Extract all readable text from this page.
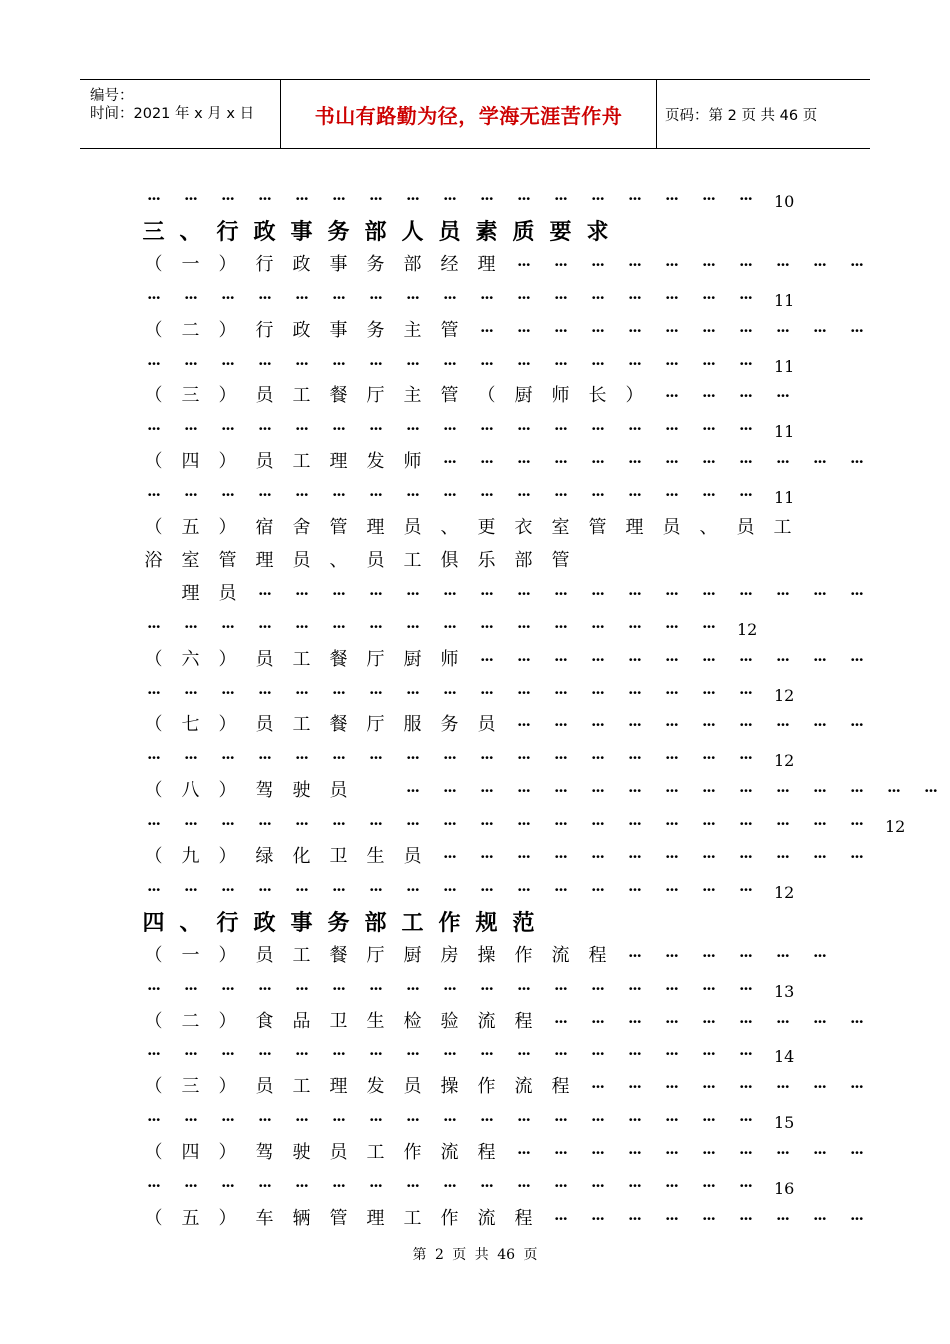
编号：
时间：2021 年 x 月 x 日	书山有路勤为径，学海无涯苦作舟	页码：第 2 页 共 46 页
···	···	···	···	···	···	···	···	···	···	···	···	···	···	···	···	···	10
三 、 行 政 事 务 部 人 员 素 质 要 求
（	一	）	行	政	事	务	部	经	理	···	···	···	···	···	···	···	···	···	···
···	···	···	···	···	···	···	···	···	···	···	···	···	···	···	···	···	11
（	二	）	行	政	事	务	主	管	···	···	···	···	···	···	···	···	···	···	···
···	···	···	···	···	···	···	···	···	···	···	···	···	···	···	···	···	11
（	三	）	员	工	餐	厅	主	管	（	厨	师	长	）	···	···	···	···
···	···	···	···	···	···	···	···	···	···	···	···	···	···	···	···	···	11
（	四	）	员	工	理	发	师	···	···	···	···	···	···	···	···	···	···	···	···
···	···	···	···	···	···	···	···	···	···	···	···	···	···	···	···	···	11
（	五	）	宿	舍	管	理	员	、	更	衣	室	管	理	员	、	员	工
浴	室	管	理	员	、	员	工	俱	乐	部	管
理	员	···	···	···	···	···	···	···	···	···	···	···	···	···	···	···	···	···
···	···	···	···	···	···	···	···	···	···	···	···	···	···	···	···	12
（	六	）	员	工	餐	厅	厨	师	···	···	···	···	···	···	···	···	···	···	···
···	···	···	···	···	···	···	···	···	···	···	···	···	···	···	···	···	12
（	七	）	员	工	餐	厅	服	务	员	···	···	···	···	···	···	···	···	···	···
···	···	···	···	···	···	···	···	···	···	···	···	···	···	···	···	···	12
（	八	）	驾	驶	员
　	···	···	···	···	···	···	···	···	···	···	···	···	···	···	···
···	···	···	···	···	···	···	···	···	···	···	···	···	···	···	···	···	···	···	···	12
（	九	）	绿	化	卫	生	员	···	···	···	···	···	···	···	···	···	···	···	···
···	···	···	···	···	···	···	···	···	···	···	···	···	···	···	···	···	12
四 、 行 政 事 务 部 工 作 规 范
（	一	）	员	工	餐	厅	厨	房	操	作	流	程	···	···	···	···	···	···
···	···	···	···	···	···	···	···	···	···	···	···	···	···	···	···	···	13
（	二	）	食	品	卫	生	检	验	流	程	···	···	···	···	···	···	···	···	···
···	···	···	···	···	···	···	···	···	···	···	···	···	···	···	···	···	14
（	三	）	员	工	理	发	员	操	作	流	程	···	···	···	···	···	···	···	···
···	···	···	···	···	···	···	···	···	···	···	···	···	···	···	···	···	15
（	四	）	驾	驶	员	工	作	流	程	···	···	···	···	···	···	···	···	···	···
···	···	···	···	···	···	···	···	···	···	···	···	···	···	···	···	···	16
（	五	）	车	辆	管	理	工	作	流	程	···	···	···	···	···	···	···	···	···
第 2 页 共 46 页
